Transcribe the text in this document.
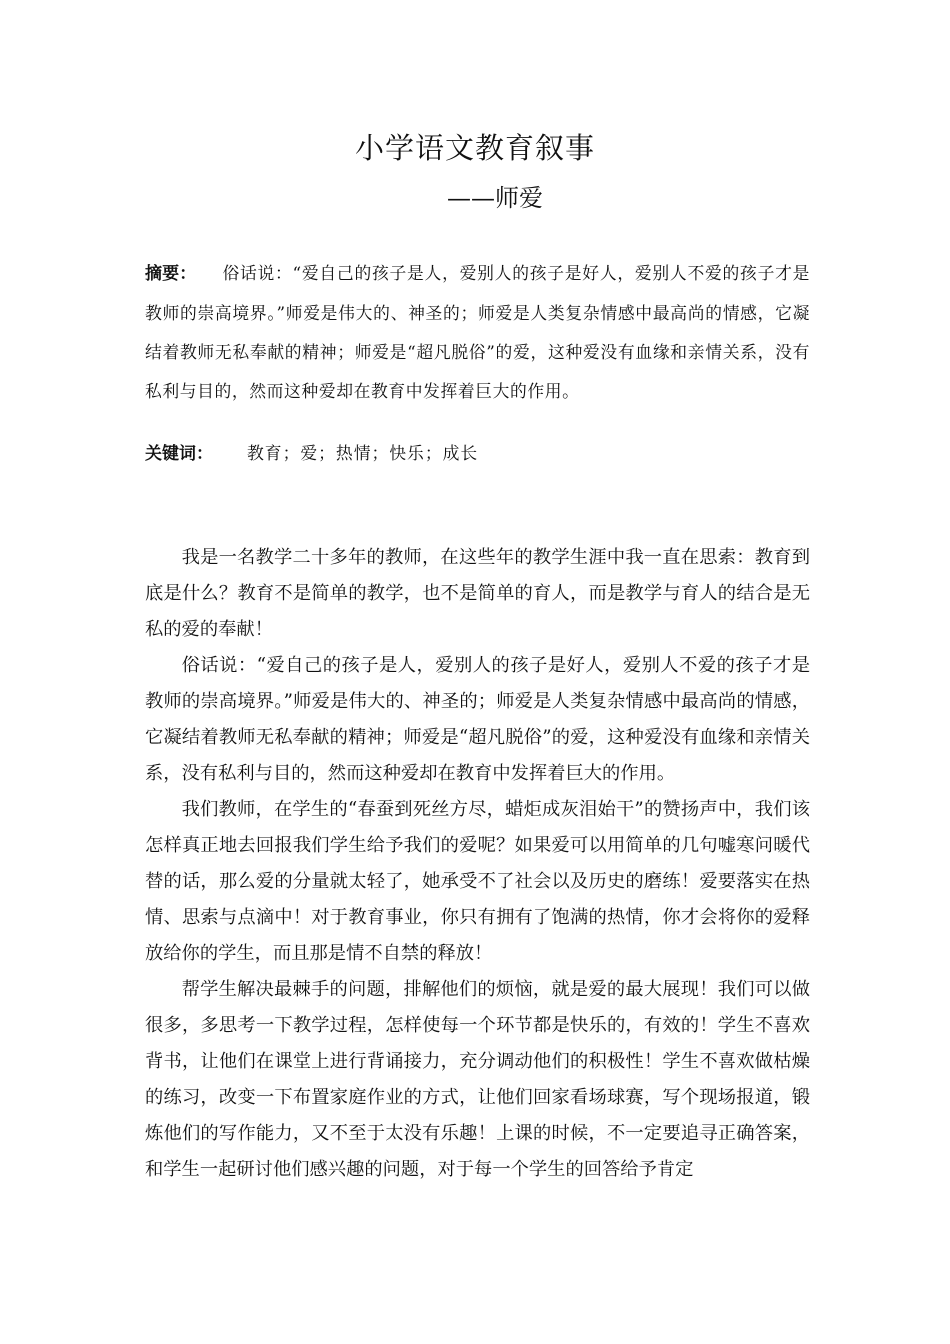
小学语文教育叙事
——师爱
摘要： 俗话说：“爱自己的孩子是人，爱别人的孩子是好人，爱别人不爱的孩子才是教师的崇高境界。”师爱是伟大的、神圣的；师爱是人类复杂情感中最高尚的情感，它凝结着教师无私奉献的精神；师爱是“超凡脱俗”的爱，这种爱没有血缘和亲情关系，没有私利与目的，然而这种爱却在教育中发挥着巨大的作用。
关键词： 教育；爱；热情；快乐；成长

我是一名教学二十多年的教师，在这些年的教学生涯中我一直在思索：教育到底是什么？教育不是简单的教学，也不是简单的育人，而是教学与育人的结合是无私的爱的奉献！

俗话说：“爱自己的孩子是人，爱别人的孩子是好人，爱别人不爱的孩子才是教师的崇高境界。”师爱是伟大的、神圣的；师爱是人类复杂情感中最高尚的情感，它凝结着教师无私奉献的精神；师爱是“超凡脱俗”的爱，这种爱没有血缘和亲情关系，没有私利与目的，然而这种爱却在教育中发挥着巨大的作用。

我们教师，在学生的“春蚕到死丝方尽，蜡炬成灰泪始干”的赞扬声中，我们该怎样真正地去回报我们学生给予我们的爱呢？如果爱可以用简单的几句嘘寒问暖代替的话，那么爱的分量就太轻了，她承受不了社会以及历史的磨练！爱要落实在热情、思索与点滴中！对于教育事业，你只有拥有了饱满的热情，你才会将你的爱释放给你的学生，而且那是情不自禁的释放！

帮学生解决最棘手的问题，排解他们的烦恼，就是爱的最大展现！我们可以做很多，多思考一下教学过程，怎样使每一个环节都是快乐的，有效的！学生不喜欢背书，让他们在课堂上进行背诵接力，充分调动他们的积极性！学生不喜欢做枯燥的练习，改变一下布置家庭作业的方式，让他们回家看场球赛，写个现场报道，锻炼他们的写作能力，又不至于太没有乐趣！上课的时候，不一定要追寻正确答案，和学生一起研讨他们感兴趣的问题，对于每一个学生的回答给予肯定
